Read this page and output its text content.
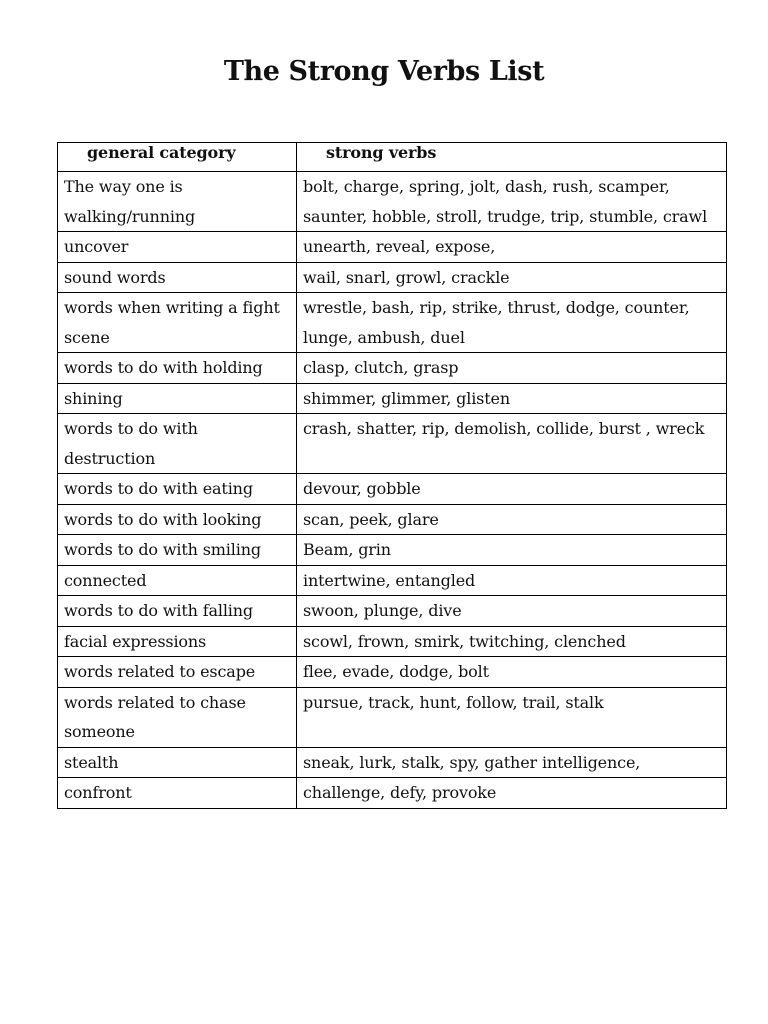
The Strong Verbs List
general category	strong verbs
The way one is walking/running	bolt, charge, spring, jolt, dash, rush, scamper, saunter, hobble, stroll, trudge, trip, stumble, crawl
uncover	unearth, reveal, expose,
sound words	wail, snarl, growl, crackle
words when writing a fight scene	wrestle, bash, rip, strike, thrust, dodge, counter, lunge, ambush, duel
words to do with holding	clasp, clutch, grasp
shining	shimmer, glimmer, glisten
words to do with destruction	crash, shatter, rip, demolish, collide, burst , wreck
words to do with eating	devour, gobble
words to do with looking	scan, peek, glare
words to do with smiling	Beam, grin
connected	intertwine, entangled
words to do with falling	swoon, plunge, dive
facial expressions	scowl, frown, smirk, twitching, clenched
words related to escape	flee, evade, dodge, bolt
words related to chase someone	pursue, track, hunt, follow, trail, stalk
stealth	sneak, lurk, stalk, spy, gather intelligence,
confront	challenge, defy, provoke
